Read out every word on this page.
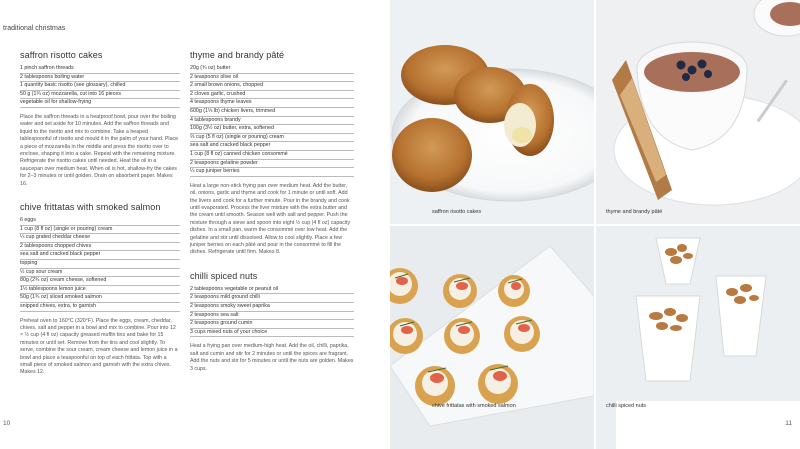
traditional christmas
saffron risotto cakes
1 pinch saffron threads
2 tablespoons boiling water
1 quantity basic risotto (see glossary), chilled
50 g (1¾ oz) mozzarella, cut into 16 pieces
vegetable oil for shallow-frying

Place the saffron threads in a heatproof bowl, pour over the boiling water and set aside for 10 minutes. Add the saffron threads and liquid to the risotto and mix to combine. Take a heaped tablespoonful of risotto and mould it in the palm of your hand. Place a piece of mozzarella in the middle and press the risotto over to enclose, shaping it into a cake. Repeat with the remaining mixture. Refrigerate the risotto cakes until needed. Heat the oil in a saucepan over medium heat. When oil is hot, shallow-fry the cakes for 2–3 minutes or until golden. Drain on absorbent paper. Makes 16.

chive frittatas with smoked salmon
6 eggs
1 cup (8 fl oz) (single or pouring) cream
¼ cup grated cheddar cheese
2 tablespoons chopped chives
sea salt and cracked black pepper
topping
½ cup sour cream
80g (2¾ oz) cream cheese, softened
1½ tablespoons lemon juice
50g (1¾ oz) sliced smoked salmon
snipped chives, extra, to garnish

Preheat oven to 160°C (320°F). Place the eggs, cream, cheddar, chives, salt and pepper in a bowl and mix to combine. Pour into 12 × ½ cup (4 fl oz) capacity greased muffin tins and bake for 15 minutes or until set. Remove from the tins and cool slightly. To serve, combine the sour cream, cream cheese and lemon juice in a bowl and place a teaspoonful on top of each frittata. Top with a small piece of smoked salmon and garnish with the extra chives. Makes 12.

thyme and brandy pâté
20g (¾ oz) butter
2 teaspoons olive oil
2 small brown onions, chopped
2 cloves garlic, crushed
4 teaspoons thyme leaves
600g (1⅓ lb) chicken livers, trimmed
4 tablespoons brandy
100g (3½ oz) butter, extra, softened
⅔ cup (5 fl oz) (single or pouring) cream
sea salt and cracked black pepper
1 cup (8 fl oz) canned chicken consommé
2 teaspoons gelatine powder
¼ cup juniper berries

Heat a large non-stick frying pan over medium heat. Add the butter, oil, onions, garlic and thyme and cook for 1 minute or until soft. Add the livers and cook for a further minute. Pour in the brandy and cook until evaporated. Process the liver mixture with the extra butter and the cream until smooth. Season well with salt and pepper. Push the mixture through a sieve and spoon into eight ½ cup (4 fl oz) capacity dishes. In a small pan, warm the consommé over low heat. Add the gelatine and stir until dissolved. Allow to cool slightly. Place a few juniper berries on each pâté and pour in the consommé to fill the dishes. Refrigerate until firm. Makes 8.

chilli spiced nuts
2 tablespoons vegetable or peanut oil
2 teaspoons mild ground chilli
2 teaspoons smoky sweet paprika
2 teaspoons sea salt
2 teaspoons ground cumin
3 cups mixed nuts of your choice

Heat a frying pan over medium-high heat. Add the oil, chilli, paprika, salt and cumin and stir for 2 minutes or until the spices are fragrant. Add the nuts and stir for 5 minutes or until the nuts are golden. Makes 3 cups.

10
saffron risotto cakes	thyme and brandy pâté
chive frittatas with smoked salmon	chilli spiced nuts
11
